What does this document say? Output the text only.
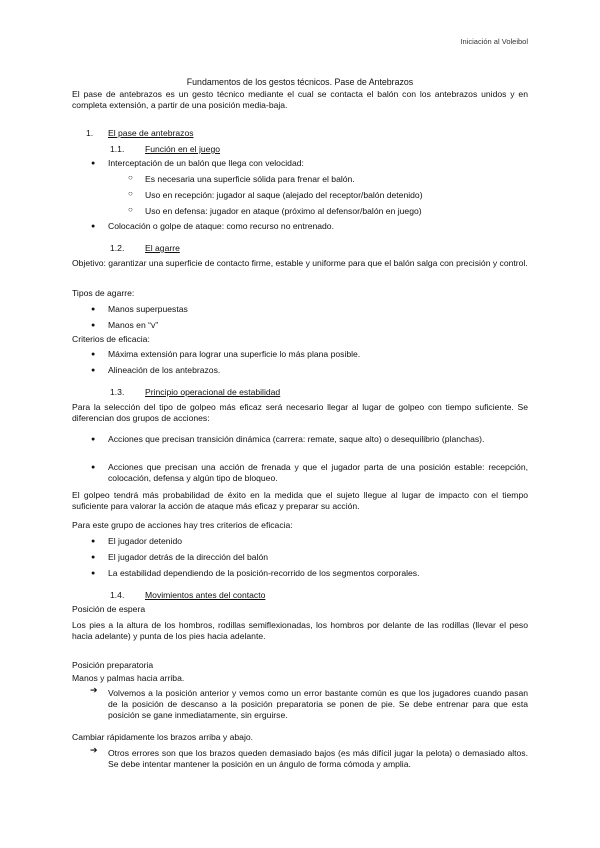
Iniciación al Voleibol
Fundamentos de los gestos técnicos. Pase de Antebrazos
El pase de antebrazos es un gesto técnico mediante el cual se contacta el balón con los antebrazos unidos y en completa extensión, a partir de una posición media-baja.
1. El pase de antebrazos
1.1. Función en el juego
● Interceptación de un balón que llega con velocidad:
○ Es necesaria una superficie sólida para frenar el balón.
○ Uso en recepción: jugador al saque (alejado del receptor/balón detenido)
○ Uso en defensa: jugador en ataque (próximo al defensor/balón en juego)
● Colocación o golpe de ataque: como recurso no entrenado.
1.2. El agarre
Objetivo: garantizar una superficie de contacto firme, estable y uniforme para que el balón salga con precisión y control.
Tipos de agarre:
● Manos superpuestas
● Manos en “v”
Criterios de eficacia:
● Máxima extensión para lograr una superficie lo más plana posible.
● Alineación de los antebrazos.
1.3. Principio operacional de estabilidad
Para la selección del tipo de golpeo más eficaz será necesario llegar al lugar de golpeo con tiempo suficiente. Se diferencian dos grupos de acciones:
● Acciones que precisan transición dinámica (carrera: remate, saque alto) o desequilibrio (planchas).
● Acciones que precisan una acción de frenada y que el jugador parta de una posición estable: recepción, colocación, defensa y algún tipo de bloqueo.
El golpeo tendrá más probabilidad de éxito en la medida que el sujeto llegue al lugar de impacto con el tiempo suficiente para valorar la acción de ataque más eficaz y preparar su acción.
Para este grupo de acciones hay tres criterios de eficacia:
● El jugador detenido
● El jugador detrás de la dirección del balón
● La estabilidad dependiendo de la posición-recorrido de los segmentos corporales.
1.4. Movimientos antes del contacto
Posición de espera
Los pies a la altura de los hombros, rodillas semiflexionadas, los hombros por delante de las rodillas (llevar el peso hacia adelante) y punta de los pies hacia adelante.
Posición preparatoria
Manos y palmas hacia arriba.
➔ Volvemos a la posición anterior y vemos como un error bastante común es que los jugadores cuando pasan de la posición de descanso a la posición preparatoria se ponen de pie. Se debe entrenar para que esta posición se gane inmediatamente, sin erguirse.
Cambiar rápidamente los brazos arriba y abajo.
➔ Otros errores son que los brazos queden demasiado bajos (es más difícil jugar la pelota) o demasiado altos. Se debe intentar mantener la posición en un ángulo de forma cómoda y amplia.
